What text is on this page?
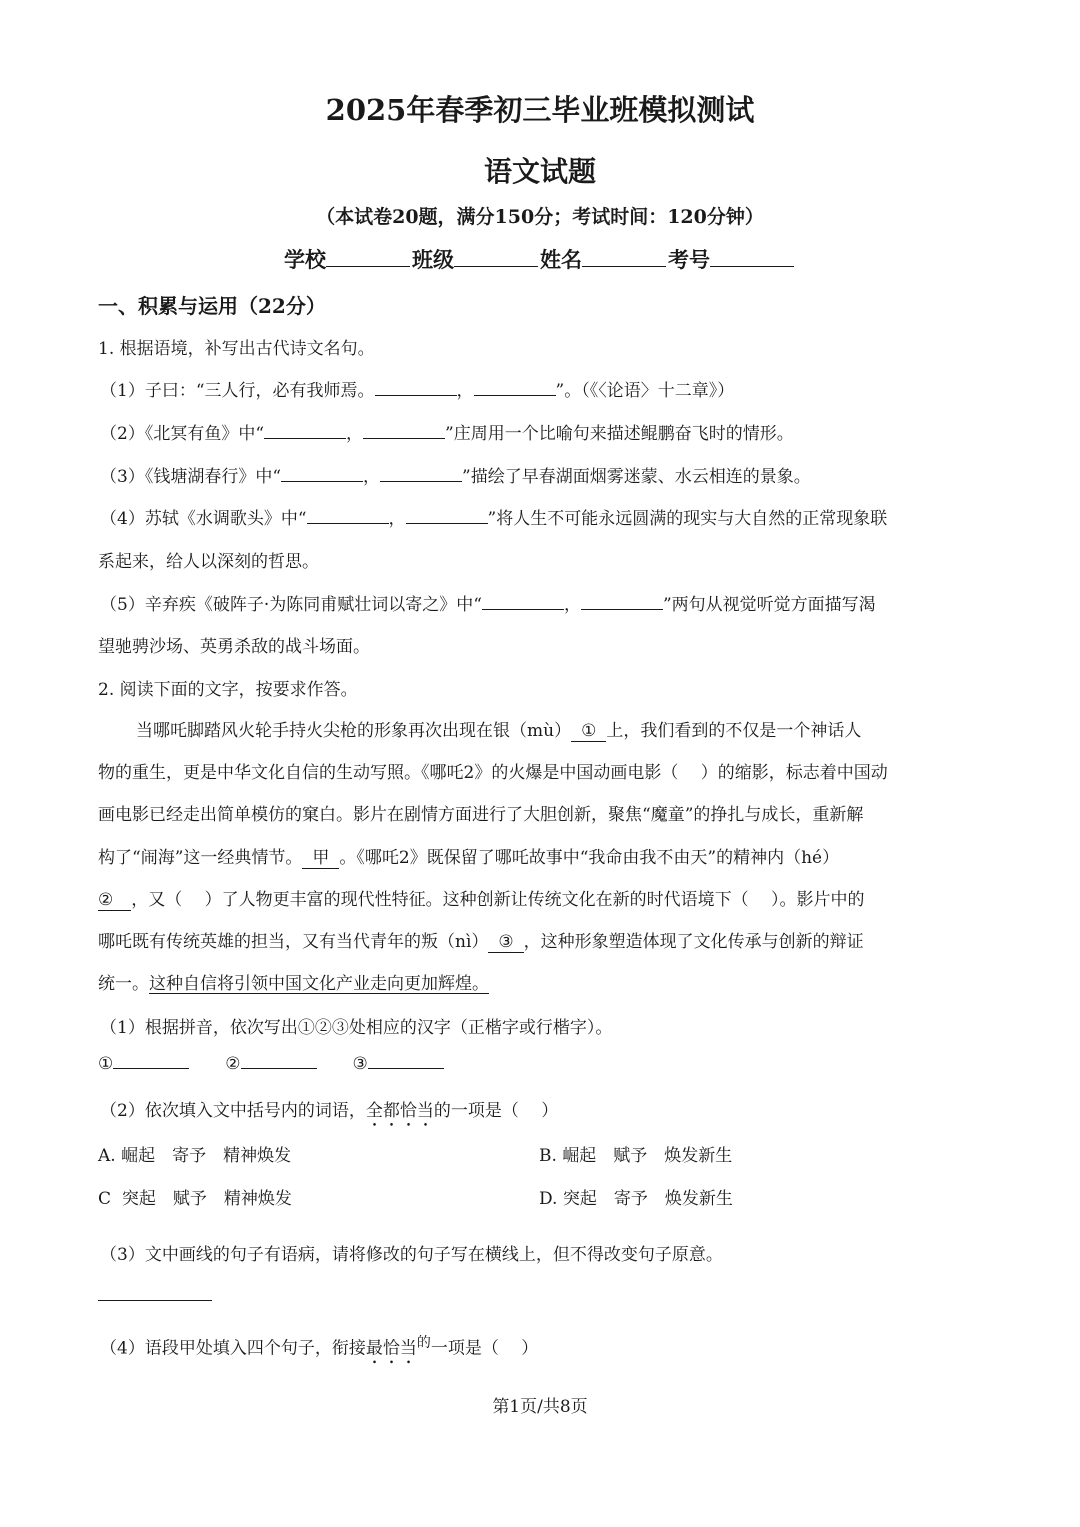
2025年春季初三毕业班模拟测试
语文试题
（本试卷20题，满分150分；考试时间：120分钟）
学校	班级	姓名	考号
一、积累与运用（22分）
1. 根据语境，补写出古代诗文名句。
（1）子曰：“三人行，必有我师焉。	，	”。（《〈论语〉十二章》）
（2）《北冥有鱼》中“	，	”庄周用一个比喻句来描述鲲鹏奋飞时的情形。
（3）《钱塘湖春行》中“	，	”描绘了早春湖面烟雾迷蒙、水云相连的景象。
（4）苏轼《水调歌头》中“	，	”将人生不可能永远圆满的现实与大自然的正常现象联
系起来，给人以深刻的哲思。
（5）辛弃疾《破阵子·为陈同甫赋壮词以寄之》中“	，	”两句从视觉听觉方面描写渴
望驰骋沙场、英勇杀敌的战斗场面。
2. 阅读下面的文字，按要求作答。
当哪吒脚踏风火轮手持火尖枪的形象再次出现在银（mù） ① 上，我们看到的不仅是一个神话人
物的重生，更是中华文化自信的生动写照。《哪吒2》的火爆是中国动画电影（　 ）的缩影，标志着中国动
画电影已经走出简单模仿的窠白。影片在剧情方面进行了大胆创新，聚焦“魔童”的挣扎与成长，重新解
构了“闹海”这一经典情节。 甲 。《哪吒2》既保留了哪吒故事中“我命由我不由天”的精神内（hé）
② ，又（　 ）了人物更丰富的现代性特征。这种创新让传统文化在新的时代语境下（　 ）。影片中的
哪吒既有传统英雄的担当，又有当代青年的叛（nì） ③ ，这种形象塑造体现了文化传承与创新的辩证
统一。这种自信将引领中国文化产业走向更加辉煌。
（1）根据拼音，依次写出①②③处相应的汉字（正楷字或行楷字）。
①	②	③
（2）依次填入文中括号内的词语，全都恰当的一项是（　 ）
A. 崛起　寄予　精神焕发	B. 崛起　赋予　焕发新生
C 突起　赋予　精神焕发	D. 突起　寄予　焕发新生
（3）文中画线的句子有语病，请将修改的句子写在横线上，但不得改变句子原意。
（4）语段甲处填入四个句子，衔接最恰当$^的$一项是（　 ）
第1页/共8页
